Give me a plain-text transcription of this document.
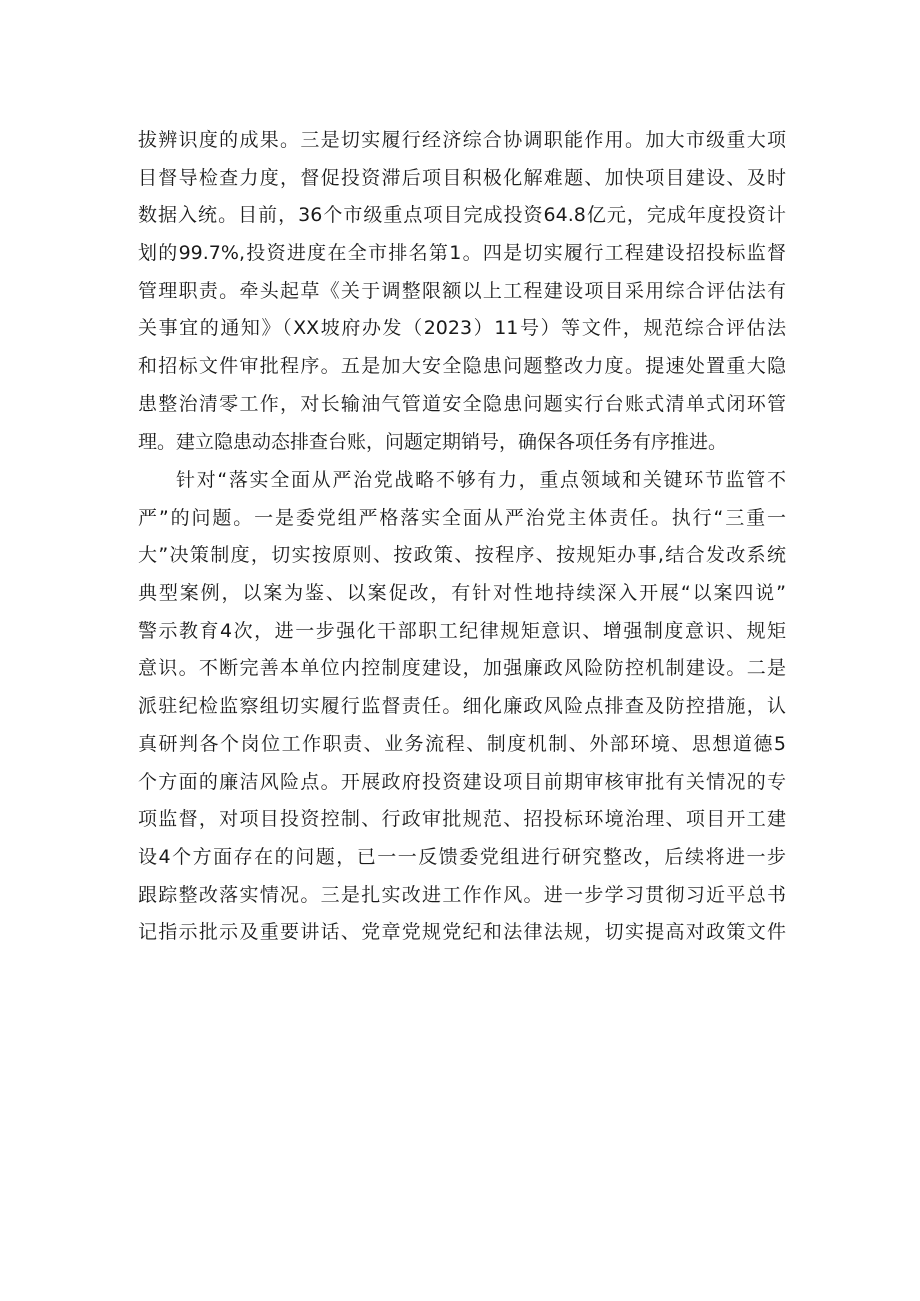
拔辨识度的成果。三是切实履行经济综合协调职能作用。加大市级重大项
目督导检查力度，督促投资滞后项目积极化解难题、加快项目建设、及时
数据入统。目前，36个市级重点项目完成投资64.8亿元，完成年度投资计
划的99.7%,投资进度在全市排名第1。四是切实履行工程建设招投标监督
管理职责。牵头起草《关于调整限额以上工程建设项目采用综合评估法有
关事宜的通知》（XX坡府办发（2023）11号）等文件，规范综合评估法
和招标文件审批程序。五是加大安全隐患问题整改力度。提速处置重大隐
患整治清零工作，对长输油气管道安全隐患问题实行台账式清单式闭环管
理。建立隐患动态排查台账，问题定期销号，确保各项任务有序推进。
针对“落实全面从严治党战略不够有力，重点领域和关键环节监管不
严”的问题。一是委党组严格落实全面从严治党主体责任。执行“三重一
大”决策制度，切实按原则、按政策、按程序、按规矩办事,结合发改系统
典型案例，以案为鉴、以案促改，有针对性地持续深入开展“以案四说”
警示教育4次，进一步强化干部职工纪律规矩意识、增强制度意识、规矩
意识。不断完善本单位内控制度建设，加强廉政风险防控机制建设。二是
派驻纪检监察组切实履行监督责任。细化廉政风险点排查及防控措施，认
真研判各个岗位工作职责、业务流程、制度机制、外部环境、思想道德5
个方面的廉洁风险点。开展政府投资建设项目前期审核审批有关情况的专
项监督，对项目投资控制、行政审批规范、招投标环境治理、项目开工建
设4个方面存在的问题，已一一反馈委党组进行研究整改，后续将进一步
跟踪整改落实情况。三是扎实改进工作作风。进一步学习贯彻习近平总书
记指示批示及重要讲话、党章党规党纪和法律法规，切实提高对政策文件
